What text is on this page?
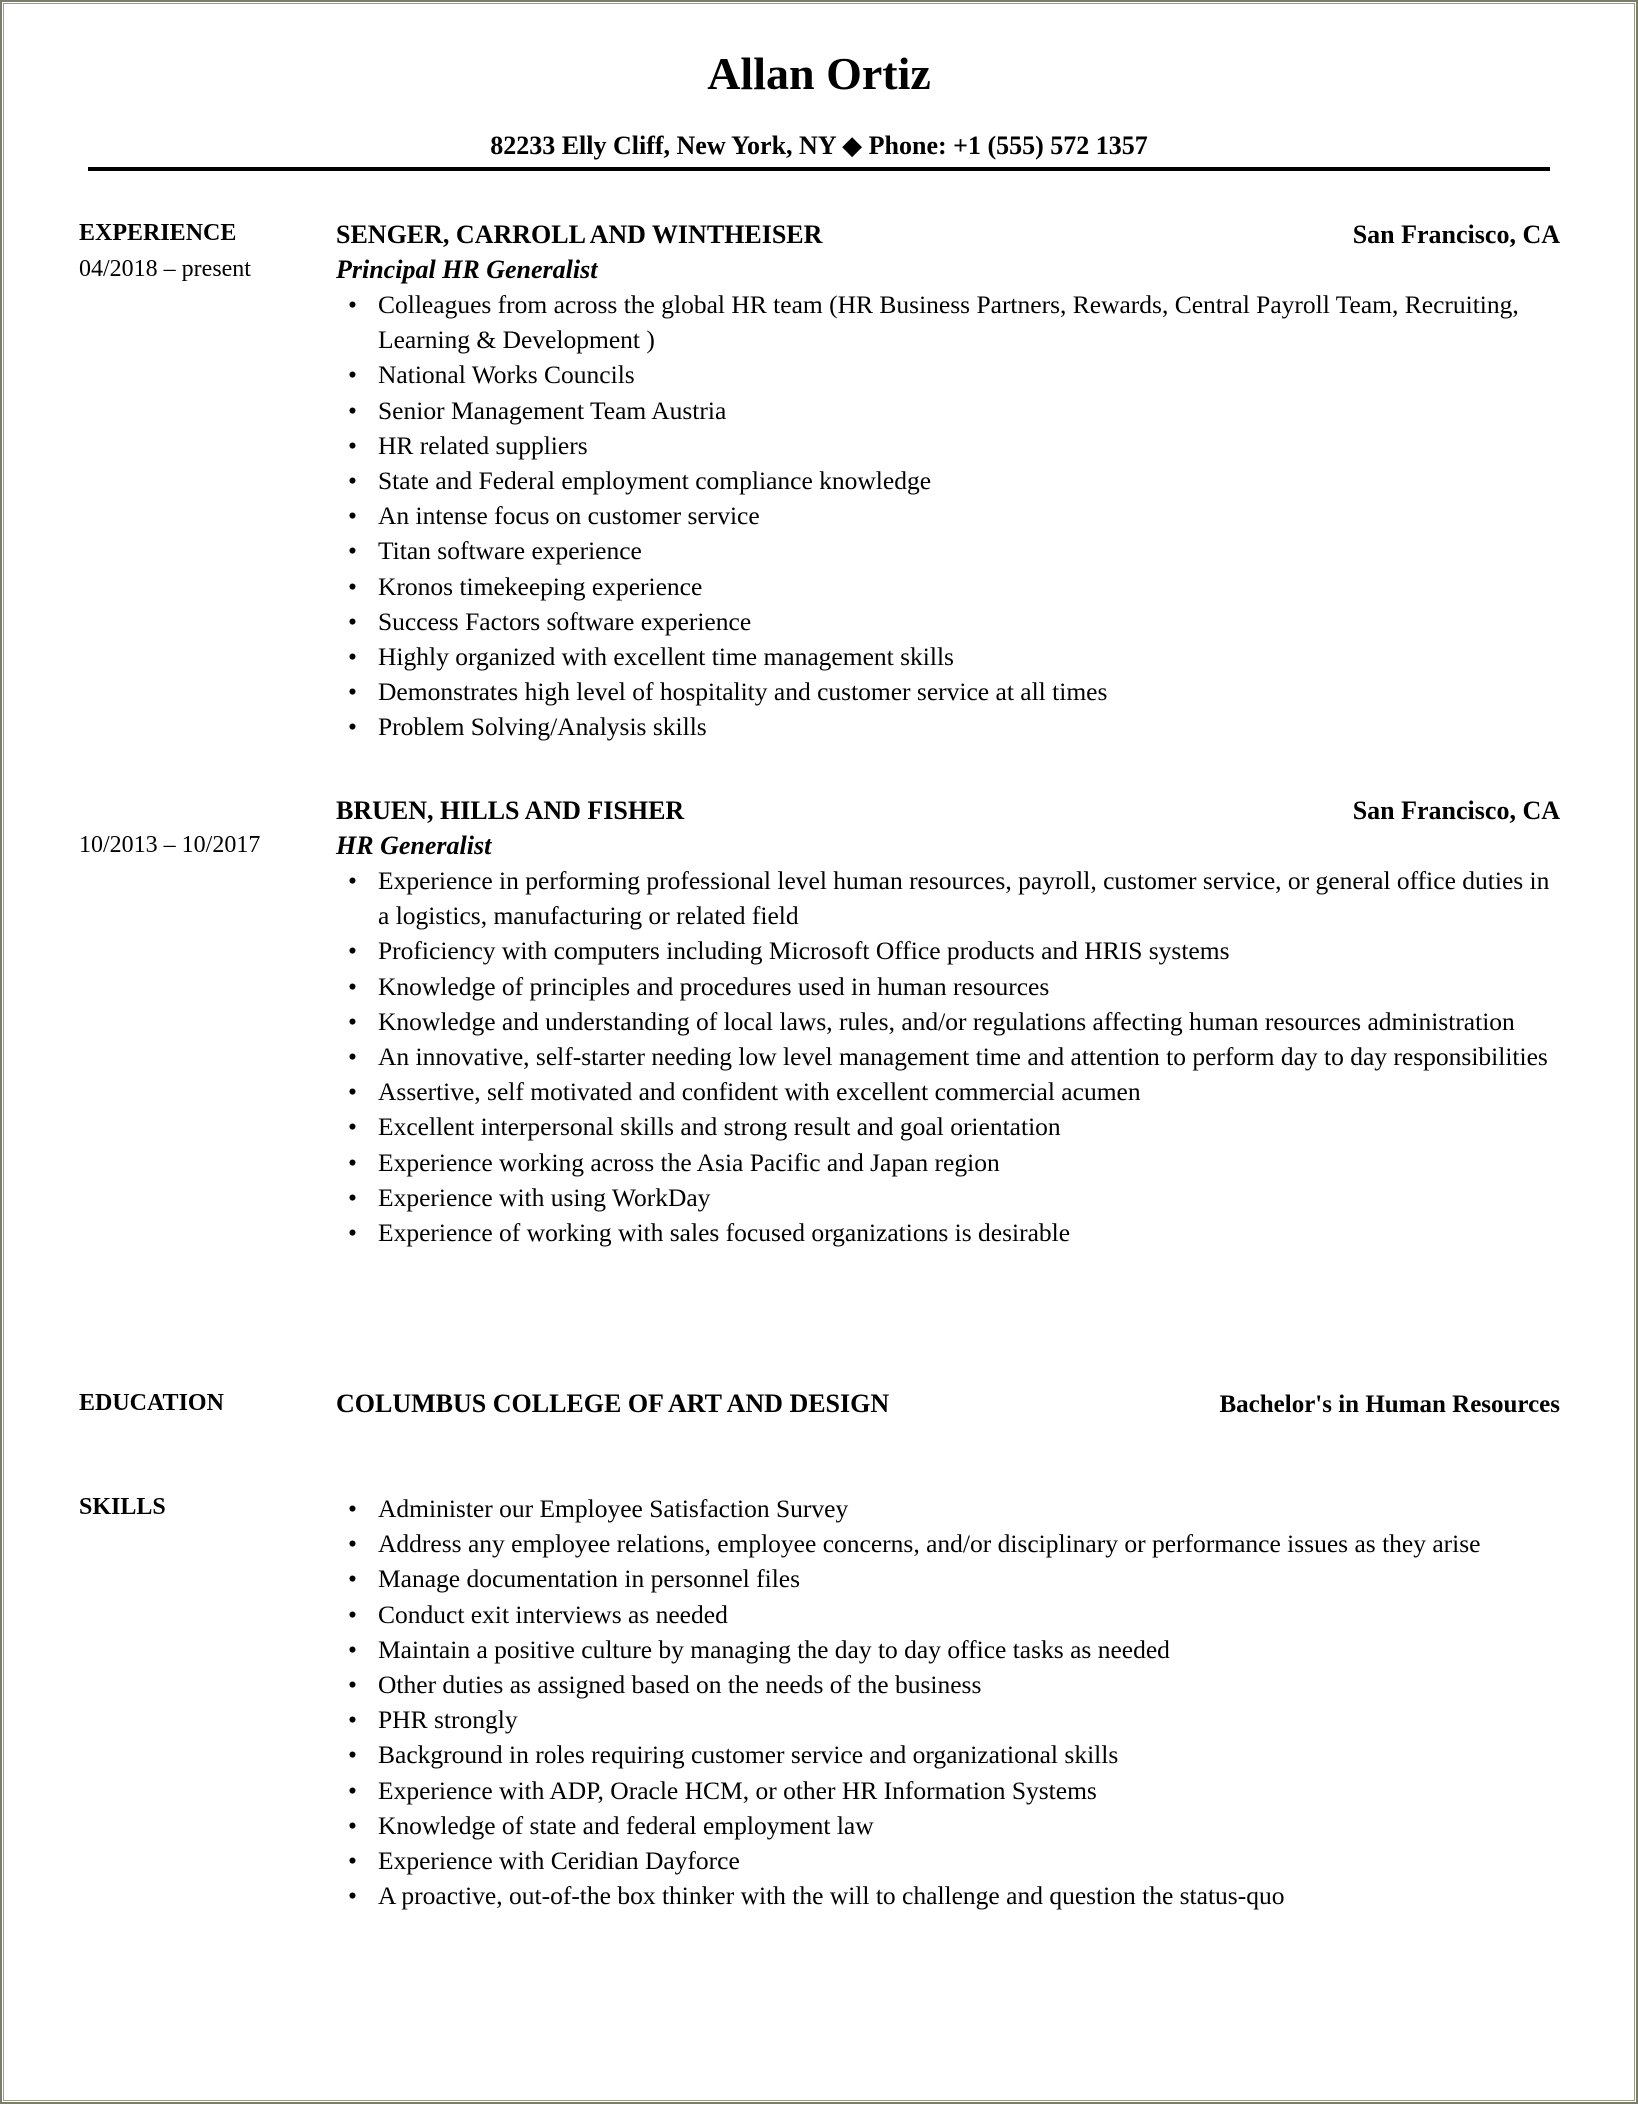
Allan Ortiz
82233 Elly Cliff, New York, NY ◆ Phone: +1 (555) 572 1357
EXPERIENCE
04/2018 – present
SENGER, CARROLL AND WINTHEISER	San Francisco, CA
Principal HR Generalist
• Colleagues from across the global HR team (HR Business Partners, Rewards, Central Payroll Team, Recruiting, Learning & Development )
• National Works Councils
• Senior Management Team Austria
• HR related suppliers
• State and Federal employment compliance knowledge
• An intense focus on customer service
• Titan software experience
• Kronos timekeeping experience
• Success Factors software experience
• Highly organized with excellent time management skills
• Demonstrates high level of hospitality and customer service at all times
• Problem Solving/Analysis skills
10/2013 – 10/2017
BRUEN, HILLS AND FISHER	San Francisco, CA
HR Generalist
• Experience in performing professional level human resources, payroll, customer service, or general office duties in a logistics, manufacturing or related field
• Proficiency with computers including Microsoft Office products and HRIS systems
• Knowledge of principles and procedures used in human resources
• Knowledge and understanding of local laws, rules, and/or regulations affecting human resources administration
• An innovative, self-starter needing low level management time and attention to perform day to day responsibilities
• Assertive, self motivated and confident with excellent commercial acumen
• Excellent interpersonal skills and strong result and goal orientation
• Experience working across the Asia Pacific and Japan region
• Experience with using WorkDay
• Experience of working with sales focused organizations is desirable
EDUCATION	COLUMBUS COLLEGE OF ART AND DESIGN	Bachelor's in Human Resources
SKILLS	• Administer our Employee Satisfaction Survey
• Address any employee relations, employee concerns, and/or disciplinary or performance issues as they arise
• Manage documentation in personnel files
• Conduct exit interviews as needed
• Maintain a positive culture by managing the day to day office tasks as needed
• Other duties as assigned based on the needs of the business
• PHR strongly
• Background in roles requiring customer service and organizational skills
• Experience with ADP, Oracle HCM, or other HR Information Systems
• Knowledge of state and federal employment law
• Experience with Ceridian Dayforce
• A proactive, out-of-the box thinker with the will to challenge and question the status-quo
